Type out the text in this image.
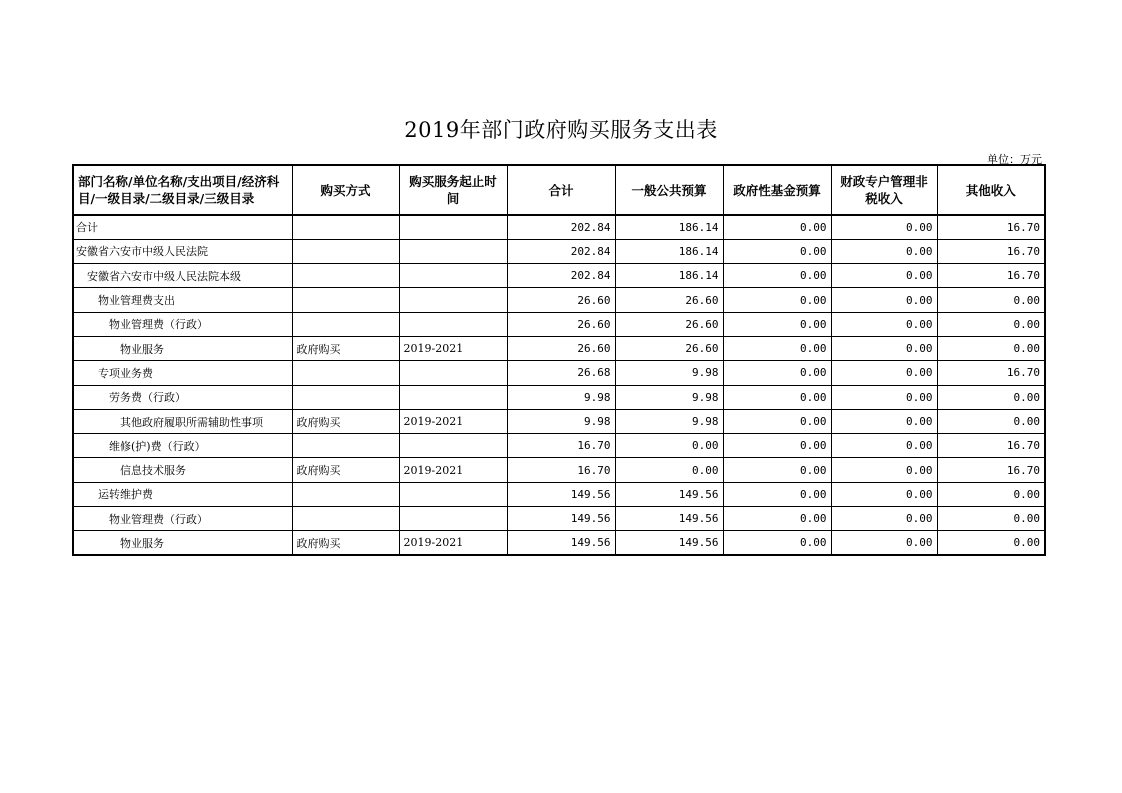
2019年部门政府购买服务支出表
单位：万元
部门名称/单位名称/支出项目/经济科目/一级目录/二级目录/三级目录	购买方式	购买服务起止时间	合计	一般公共预算	政府性基金预算	财政专户管理非税收入	其他收入
合计			202.84	186.14	0.00	0.00	16.70
安徽省六安市中级人民法院			202.84	186.14	0.00	0.00	16.70
安徽省六安市中级人民法院本级			202.84	186.14	0.00	0.00	16.70
物业管理费支出			26.60	26.60	0.00	0.00	0.00
物业管理费（行政）			26.60	26.60	0.00	0.00	0.00
物业服务	政府购买	2019-2021	26.60	26.60	0.00	0.00	0.00
专项业务费			26.68	9.98	0.00	0.00	16.70
劳务费（行政）			9.98	9.98	0.00	0.00	0.00
其他政府履职所需辅助性事项	政府购买	2019-2021	9.98	9.98	0.00	0.00	0.00
维修(护)费（行政）			16.70	0.00	0.00	0.00	16.70
信息技术服务	政府购买	2019-2021	16.70	0.00	0.00	0.00	16.70
运转维护费			149.56	149.56	0.00	0.00	0.00
物业管理费（行政）			149.56	149.56	0.00	0.00	0.00
物业服务	政府购买	2019-2021	149.56	149.56	0.00	0.00	0.00
